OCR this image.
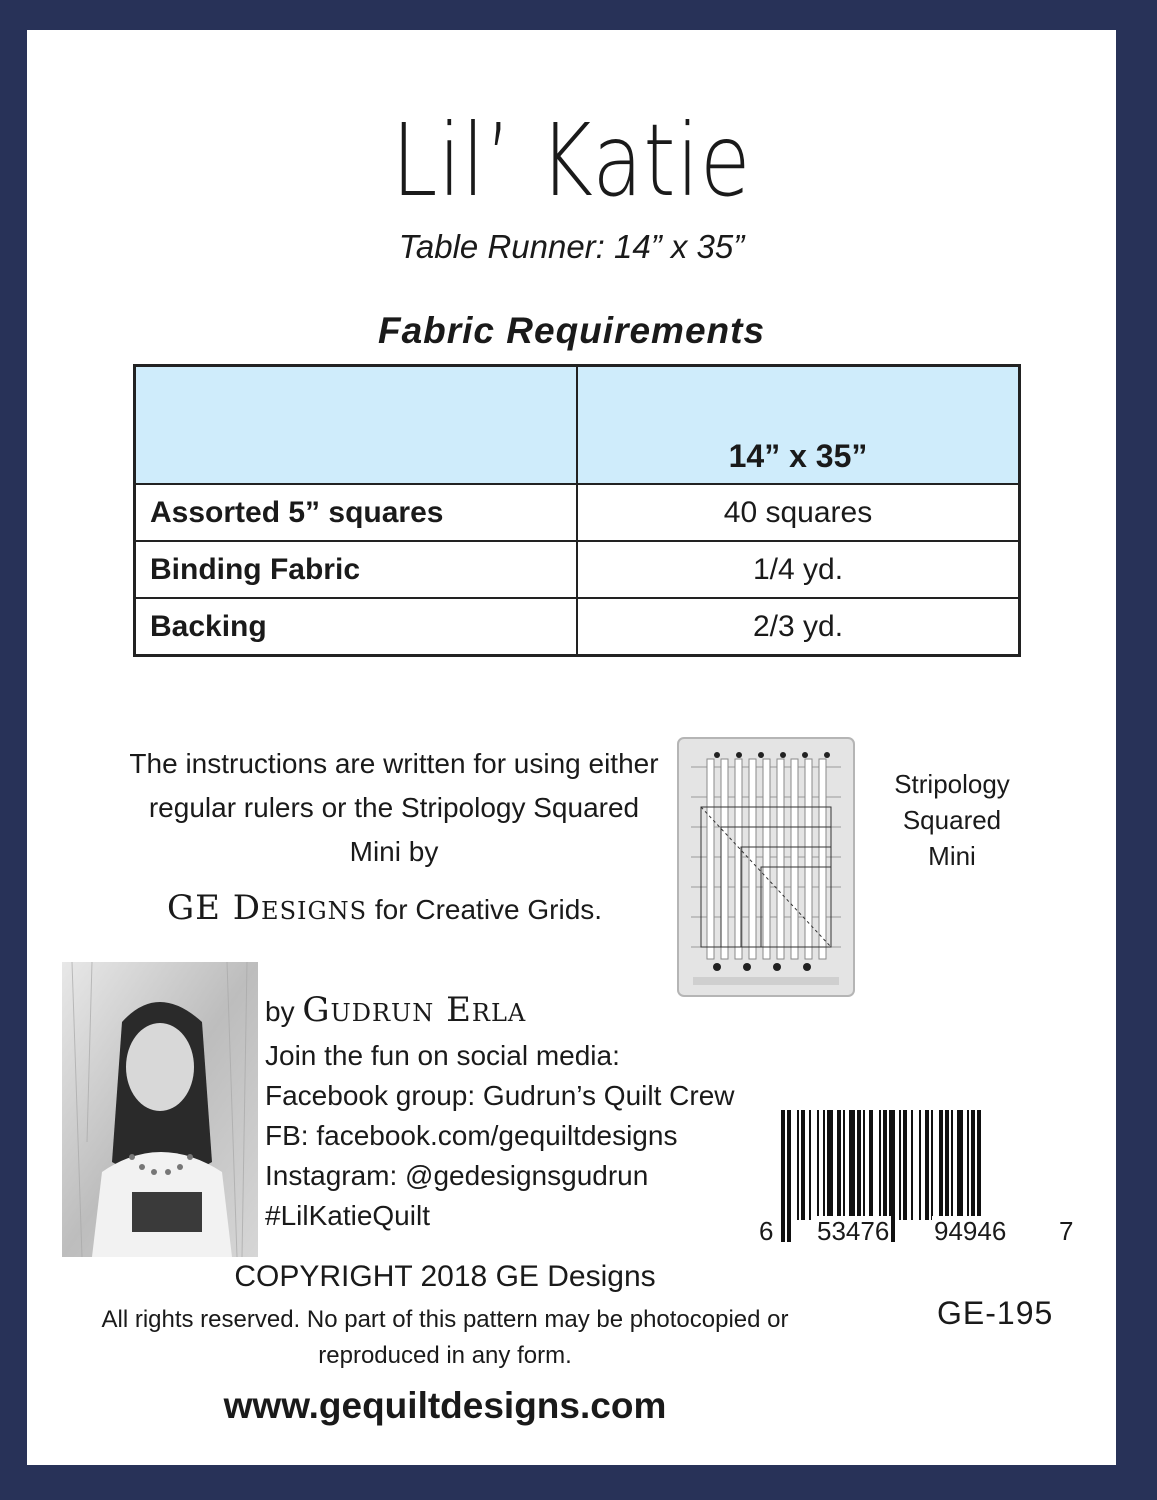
Lil’ Katie
Table Runner: 14” x 35”
Fabric Requirements
	14” x 35”
Assorted 5” squares	40 squares
Binding Fabric	1/4 yd.
Backing	2/3 yd.
The instructions are written for using either
regular rulers or the Stripology Squared
Mini by
GE Designs for Creative Grids.
Stripology
Squared
Mini
by Gudrun Erla
Join the fun on social media:
Facebook group: Gudrun’s Quilt Crew
FB: facebook.com/gequiltdesigns
Instagram: @gedesignsgudrun
#LilKatieQuilt	6 53476 94946 7
COPYRIGHT 2018 GE Designs
All rights reserved. No part of this pattern may be photocopied or
reproduced in any form.
GE-195
www.gequiltdesigns.com
